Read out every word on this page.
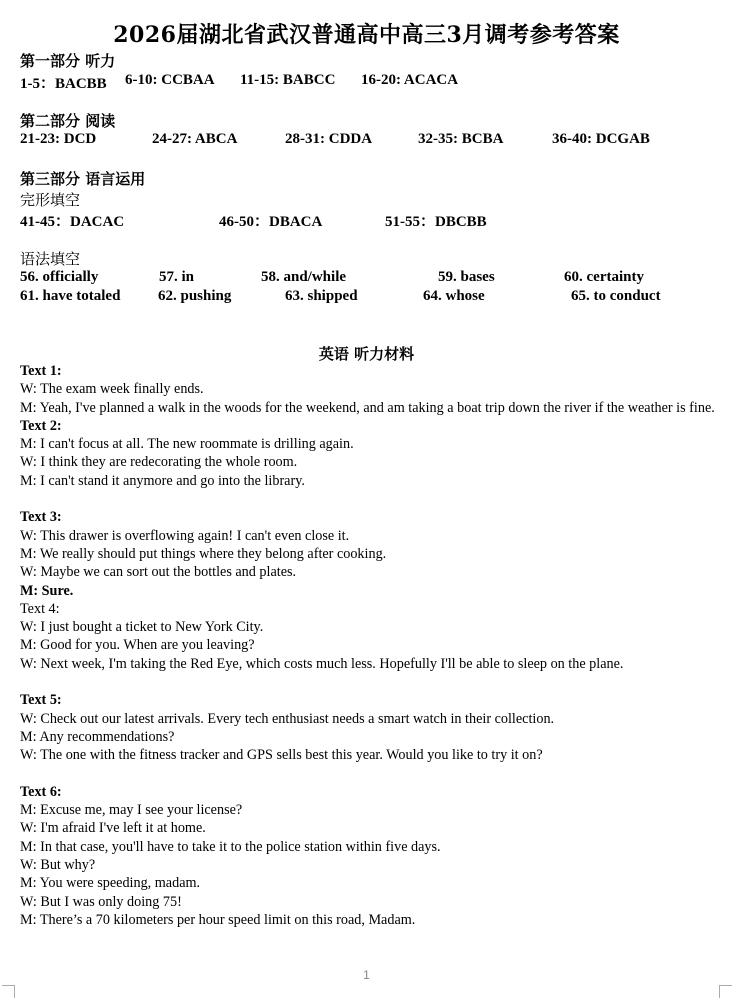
2026届湖北省武汉普通高中高三3月调考参考答案
第一部分 听力
1-5：BACBB 6-10: CCBAA 11-15: BABCC 16-20: ACACA
第二部分 阅读
21-23: DCD	24-27: ABCA	28-31: CDDA	32-35: BCBA	36-40: DCGAB
第三部分 语言运用
完形填空
41-45：DACAC	46-50：DBACA	51-55：DBCBB
语法填空
56. officially	57. in	58. and/while	59. bases	60. certainty
61. have totaled	62. pushing	63. shipped	64. whose	65. to conduct
英语 听力材料
Text 1:
W: The exam week finally ends.
M: Yeah, I've planned a walk in the woods for the weekend, and am taking a boat trip down the river if the weather is fine.
Text 2:
M: I can't focus at all. The new roommate is drilling again.
W: I think they are redecorating the whole room.
M: I can't stand it anymore and go into the library.
Text 3:
W: This drawer is overflowing again! I can't even close it.
M: We really should put things where they belong after cooking.
W: Maybe we can sort out the bottles and plates.
M: Sure.
Text 4:
W: I just bought a ticket to New York City.
M: Good for you. When are you leaving?
W: Next week, I'm taking the Red Eye, which costs much less. Hopefully I'll be able to sleep on the plane.
Text 5:
W: Check out our latest arrivals. Every tech enthusiast needs a smart watch in their collection.
M: Any recommendations?
W: The one with the fitness tracker and GPS sells best this year. Would you like to try it on?
Text 6:
M: Excuse me, may I see your license?
W: I'm afraid I've left it at home.
M: In that case, you'll have to take it to the police station within five days.
W: But why?
M: You were speeding, madam.
W: But I was only doing 75!
M: There’s a 70 kilometers per hour speed limit on this road, Madam.
1
